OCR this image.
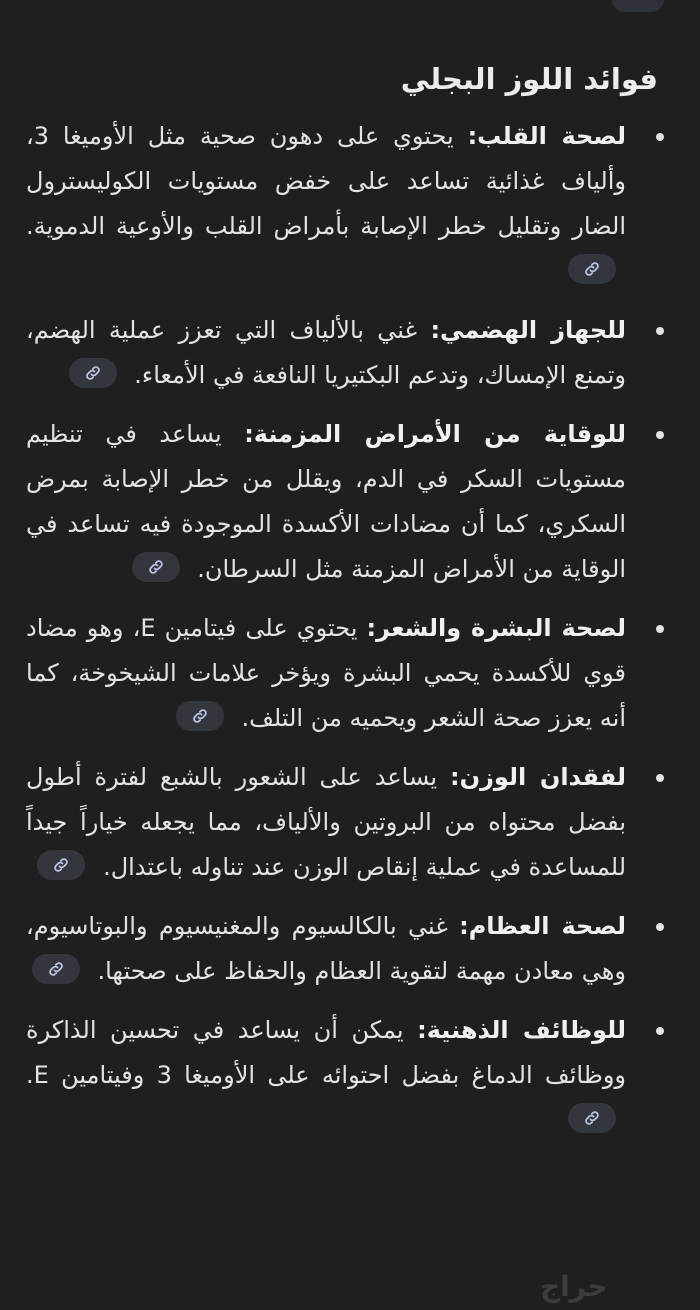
فوائد اللوز البجلي
لصحة القلب: يحتوي على دهون صحية مثل الأوميغا 3، وألياف غذائية تساعد على خفض مستويات الكوليسترول الضار وتقليل خطر الإصابة بأمراض القلب والأوعية الدموية.
للجهاز الهضمي: غني بالألياف التي تعزز عملية الهضم، وتمنع الإمساك، وتدعم البكتيريا النافعة في الأمعاء.
للوقاية من الأمراض المزمنة: يساعد في تنظيم مستويات السكر في الدم، ويقلل من خطر الإصابة بمرض السكري، كما أن مضادات الأكسدة الموجودة فيه تساعد في الوقاية من الأمراض المزمنة مثل السرطان.
لصحة البشرة والشعر: يحتوي على فيتامين E، وهو مضاد قوي للأكسدة يحمي البشرة ويؤخر علامات الشيخوخة، كما أنه يعزز صحة الشعر ويحميه من التلف.
لفقدان الوزن: يساعد على الشعور بالشبع لفترة أطول بفضل محتواه من البروتين والألياف، مما يجعله خياراً جيداً للمساعدة في عملية إنقاص الوزن عند تناوله باعتدال.
لصحة العظام: غني بالكالسيوم والمغنيسيوم والبوتاسيوم، وهي معادن مهمة لتقوية العظام والحفاظ على صحتها.
للوظائف الذهنية: يمكن أن يساعد في تحسين الذاكرة ووظائف الدماغ بفضل احتوائه على الأوميغا 3 وفيتامين E.
حراج
